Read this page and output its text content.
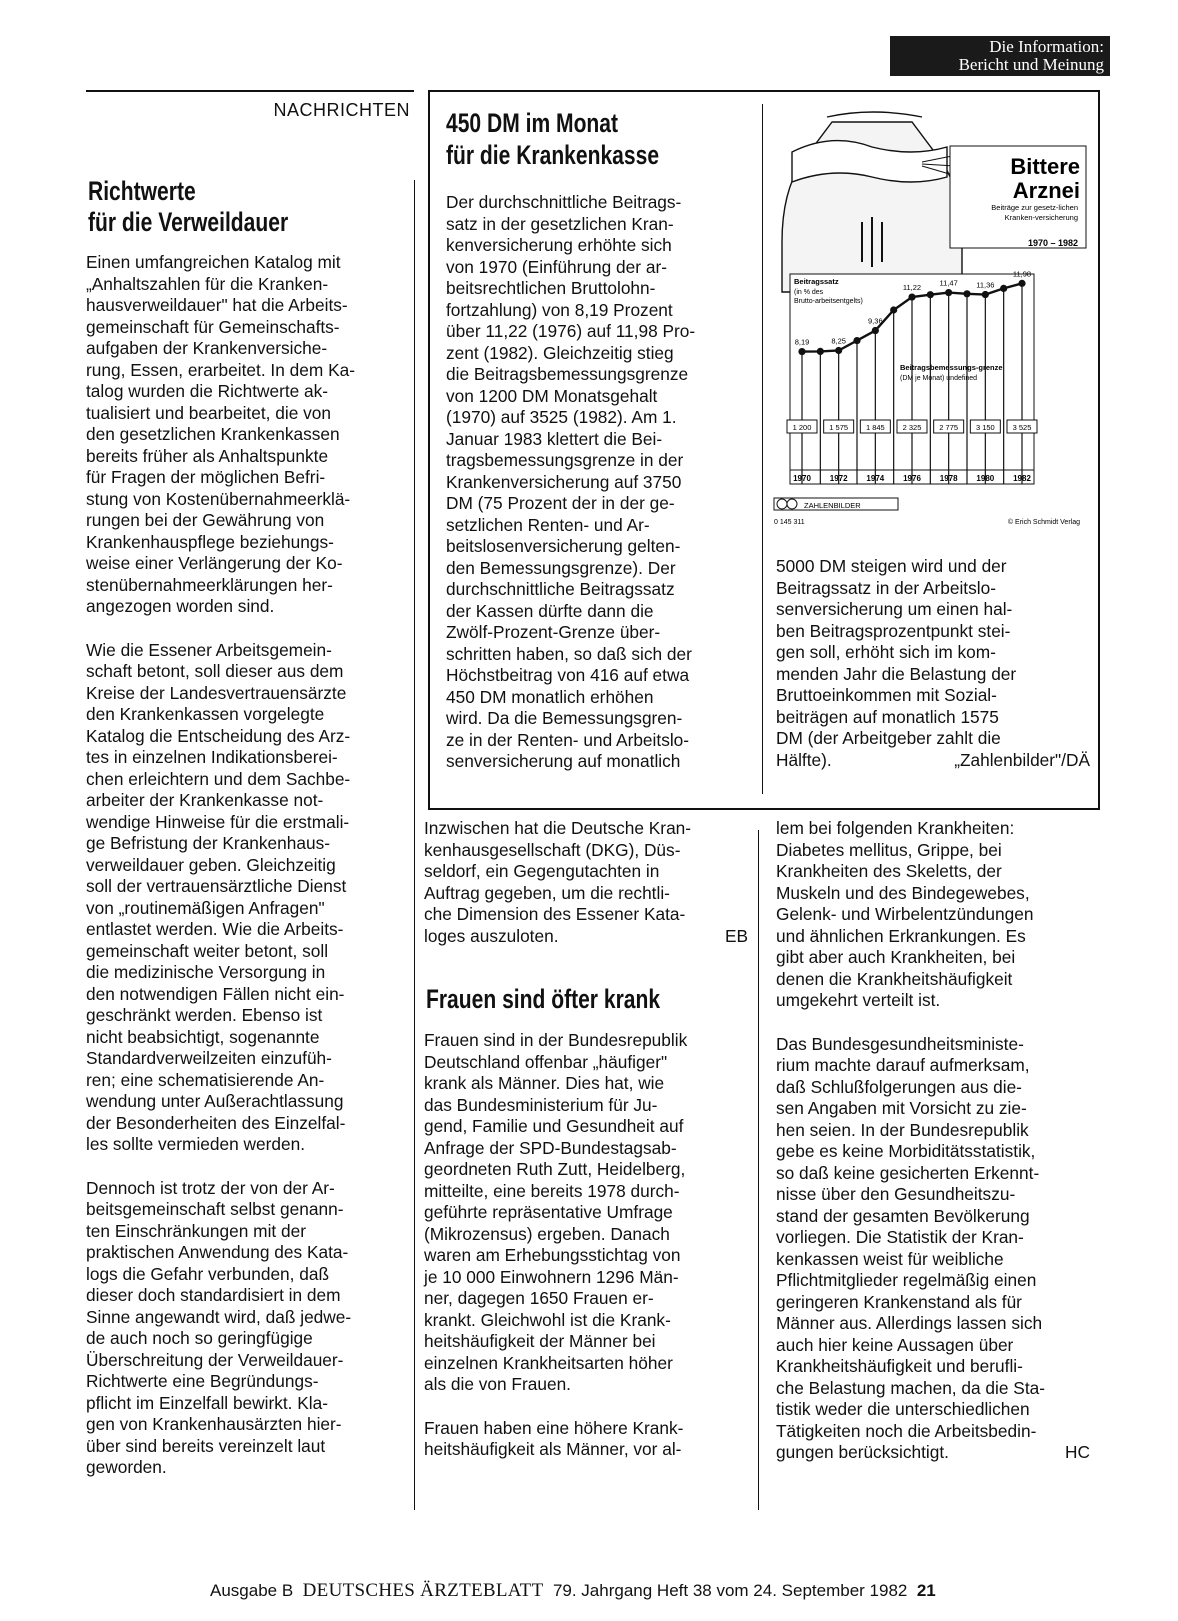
Die Information:
Bericht und Meinung
NACHRICHTEN
Richtwerte
für die Verweildauer

Einen umfangreichen Katalog mit
„Anhaltszahlen für die Kranken-
hausverweildauer" hat die Arbeits-
gemeinschaft für Gemeinschafts-
aufgaben der Krankenversiche-
rung, Essen, erarbeitet. In dem Ka-
talog wurden die Richtwerte ak-
tualisiert und bearbeitet, die von
den gesetzlichen Krankenkassen
bereits früher als Anhaltspunkte
für Fragen der möglichen Befri-
stung von Kostenübernahmeerklä-
rungen bei der Gewährung von
Krankenhauspflege beziehungs-
weise einer Verlängerung der Ko-
stenübernahmeerklärungen her-
angezogen worden sind.

Wie die Essener Arbeitsgemein-
schaft betont, soll dieser aus dem
Kreise der Landesvertrauensärzte
den Krankenkassen vorgelegte
Katalog die Entscheidung des Arz-
tes in einzelnen Indikationsberei-
chen erleichtern und dem Sachbe-
arbeiter der Krankenkasse not-
wendige Hinweise für die erstmali-
ge Befristung der Krankenhaus-
verweildauer geben. Gleichzeitig
soll der vertrauensärztliche Dienst
von „routinemäßigen Anfragen"
entlastet werden. Wie die Arbeits-
gemeinschaft weiter betont, soll
die medizinische Versorgung in
den notwendigen Fällen nicht ein-
geschränkt werden. Ebenso ist
nicht beabsichtigt, sogenannte
Standardverweilzeiten einzufüh-
ren; eine schematisierende An-
wendung unter Außerachtlassung
der Besonderheiten des Einzelfal-
les sollte vermieden werden.

Dennoch ist trotz der von der Ar-
beitsgemeinschaft selbst genann-
ten Einschränkungen mit der
praktischen Anwendung des Kata-
logs die Gefahr verbunden, daß
dieser doch standardisiert in dem
Sinne angewandt wird, daß jedwe-
de auch noch so geringfügige
Überschreitung der Verweildauer-
Richtwerte eine Begründungs-
pflicht im Einzelfall bewirkt. Kla-
gen von Krankenhausärzten hier-
über sind bereits vereinzelt laut
geworden.

450 DM im Monat
für die Krankenkasse

Der durchschnittliche Beitrags-
satz in der gesetzlichen Kran-
kenversicherung erhöhte sich
von 1970 (Einführung der ar-
beitsrechtlichen Bruttolohn-
fortzahlung) von 8,19 Prozent
über 11,22 (1976) auf 11,98 Pro-
zent (1982). Gleichzeitig stieg
die Beitragsbemessungsgrenze
von 1200 DM Monatsgehalt
(1970) auf 3525 (1982). Am 1.
Januar 1983 klettert die Bei-
tragsbemessungsgrenze in der
Krankenversicherung auf 3750
DM (75 Prozent der in der ge-
setzlichen Renten- und Ar-
beitslosenversicherung gelten-
den Bemessungsgrenze). Der
durchschnittliche Beitragssatz
der Kassen dürfte dann die
Zwölf-Prozent-Grenze über-
schritten haben, so daß sich der
Höchstbeitrag von 416 auf etwa
450 DM monatlich erhöhen
wird. Da die Bemessungsgren-
ze in der Renten- und Arbeitslo-
senversicherung auf monatlich

5000 DM steigen wird und der
Beitragssatz in der Arbeitslo-
senversicherung um einen hal-
ben Beitragsprozentpunkt stei-
gen soll, erhöht sich im kom-
menden Jahr die Belastung der
Bruttoeinkommen mit Sozial-
beiträgen auf monatlich 1575
DM (der Arbeitgeber zahlt die
Hälfte).	„Zahlenbilder"/DÄ

Bittere
Arznei
Beiträge zur gesetz-lichen
Kranken-versicherung
1970 – 1982
Beitragssatz
(in % des
Brutto-arbeitsentgelts)
Beitragsbemessungs-grenze
(DM je Monat) undefined
8,19	8,25
9,36
11,22 11,47 11,36
11,98
1 200 1 575 1 845 2 325 2 775 3 150 3 525
1970 1972 1974 1976 1978 1980 1982
ZAHLENBILDER
0 145 311	© Erich Schmidt Verlag

Inzwischen hat die Deutsche Kran-
kenhausgesellschaft (DKG), Düs-
seldorf, ein Gegengutachten in
Auftrag gegeben, um die rechtli-
che Dimension des Essener Kata-
loges auszuloten.	EB

Frauen sind öfter krank

Frauen sind in der Bundesrepublik
Deutschland offenbar „häufiger"
krank als Männer. Dies hat, wie
das Bundesministerium für Ju-
gend, Familie und Gesundheit auf
Anfrage der SPD-Bundestagsab-
geordneten Ruth Zutt, Heidelberg,
mitteilte, eine bereits 1978 durch-
geführte repräsentative Umfrage
(Mikrozensus) ergeben. Danach
waren am Erhebungsstichtag von
je 10 000 Einwohnern 1296 Män-
ner, dagegen 1650 Frauen er-
krankt. Gleichwohl ist die Krank-
heitshäufigkeit der Männer bei
einzelnen Krankheitsarten höher
als die von Frauen.

Frauen haben eine höhere Krank-
heitshäufigkeit als Männer, vor al-

lem bei folgenden Krankheiten:
Diabetes mellitus, Grippe, bei
Krankheiten des Skeletts, der
Muskeln und des Bindegewebes,
Gelenk- und Wirbelentzündungen
und ähnlichen Erkrankungen. Es
gibt aber auch Krankheiten, bei
denen die Krankheitshäufigkeit
umgekehrt verteilt ist.

Das Bundesgesundheitsministe-
rium machte darauf aufmerksam,
daß Schlußfolgerungen aus die-
sen Angaben mit Vorsicht zu zie-
hen seien. In der Bundesrepublik
gebe es keine Morbiditätsstatistik,
so daß keine gesicherten Erkennt-
nisse über den Gesundheitszu-
stand der gesamten Bevölkerung
vorliegen. Die Statistik der Kran-
kenkassen weist für weibliche
Pflichtmitglieder regelmäßig einen
geringeren Krankenstand als für
Männer aus. Allerdings lassen sich
auch hier keine Aussagen über
Krankheitshäufigkeit und berufli-
che Belastung machen, da die Sta-
tistik weder die unterschiedlichen
Tätigkeiten noch die Arbeitsbedin-
gungen berücksichtigt.	HC

Ausgabe B DEUTSCHES ÄRZTEBLATT 79. Jahrgang Heft 38 vom 24. September 1982 21
